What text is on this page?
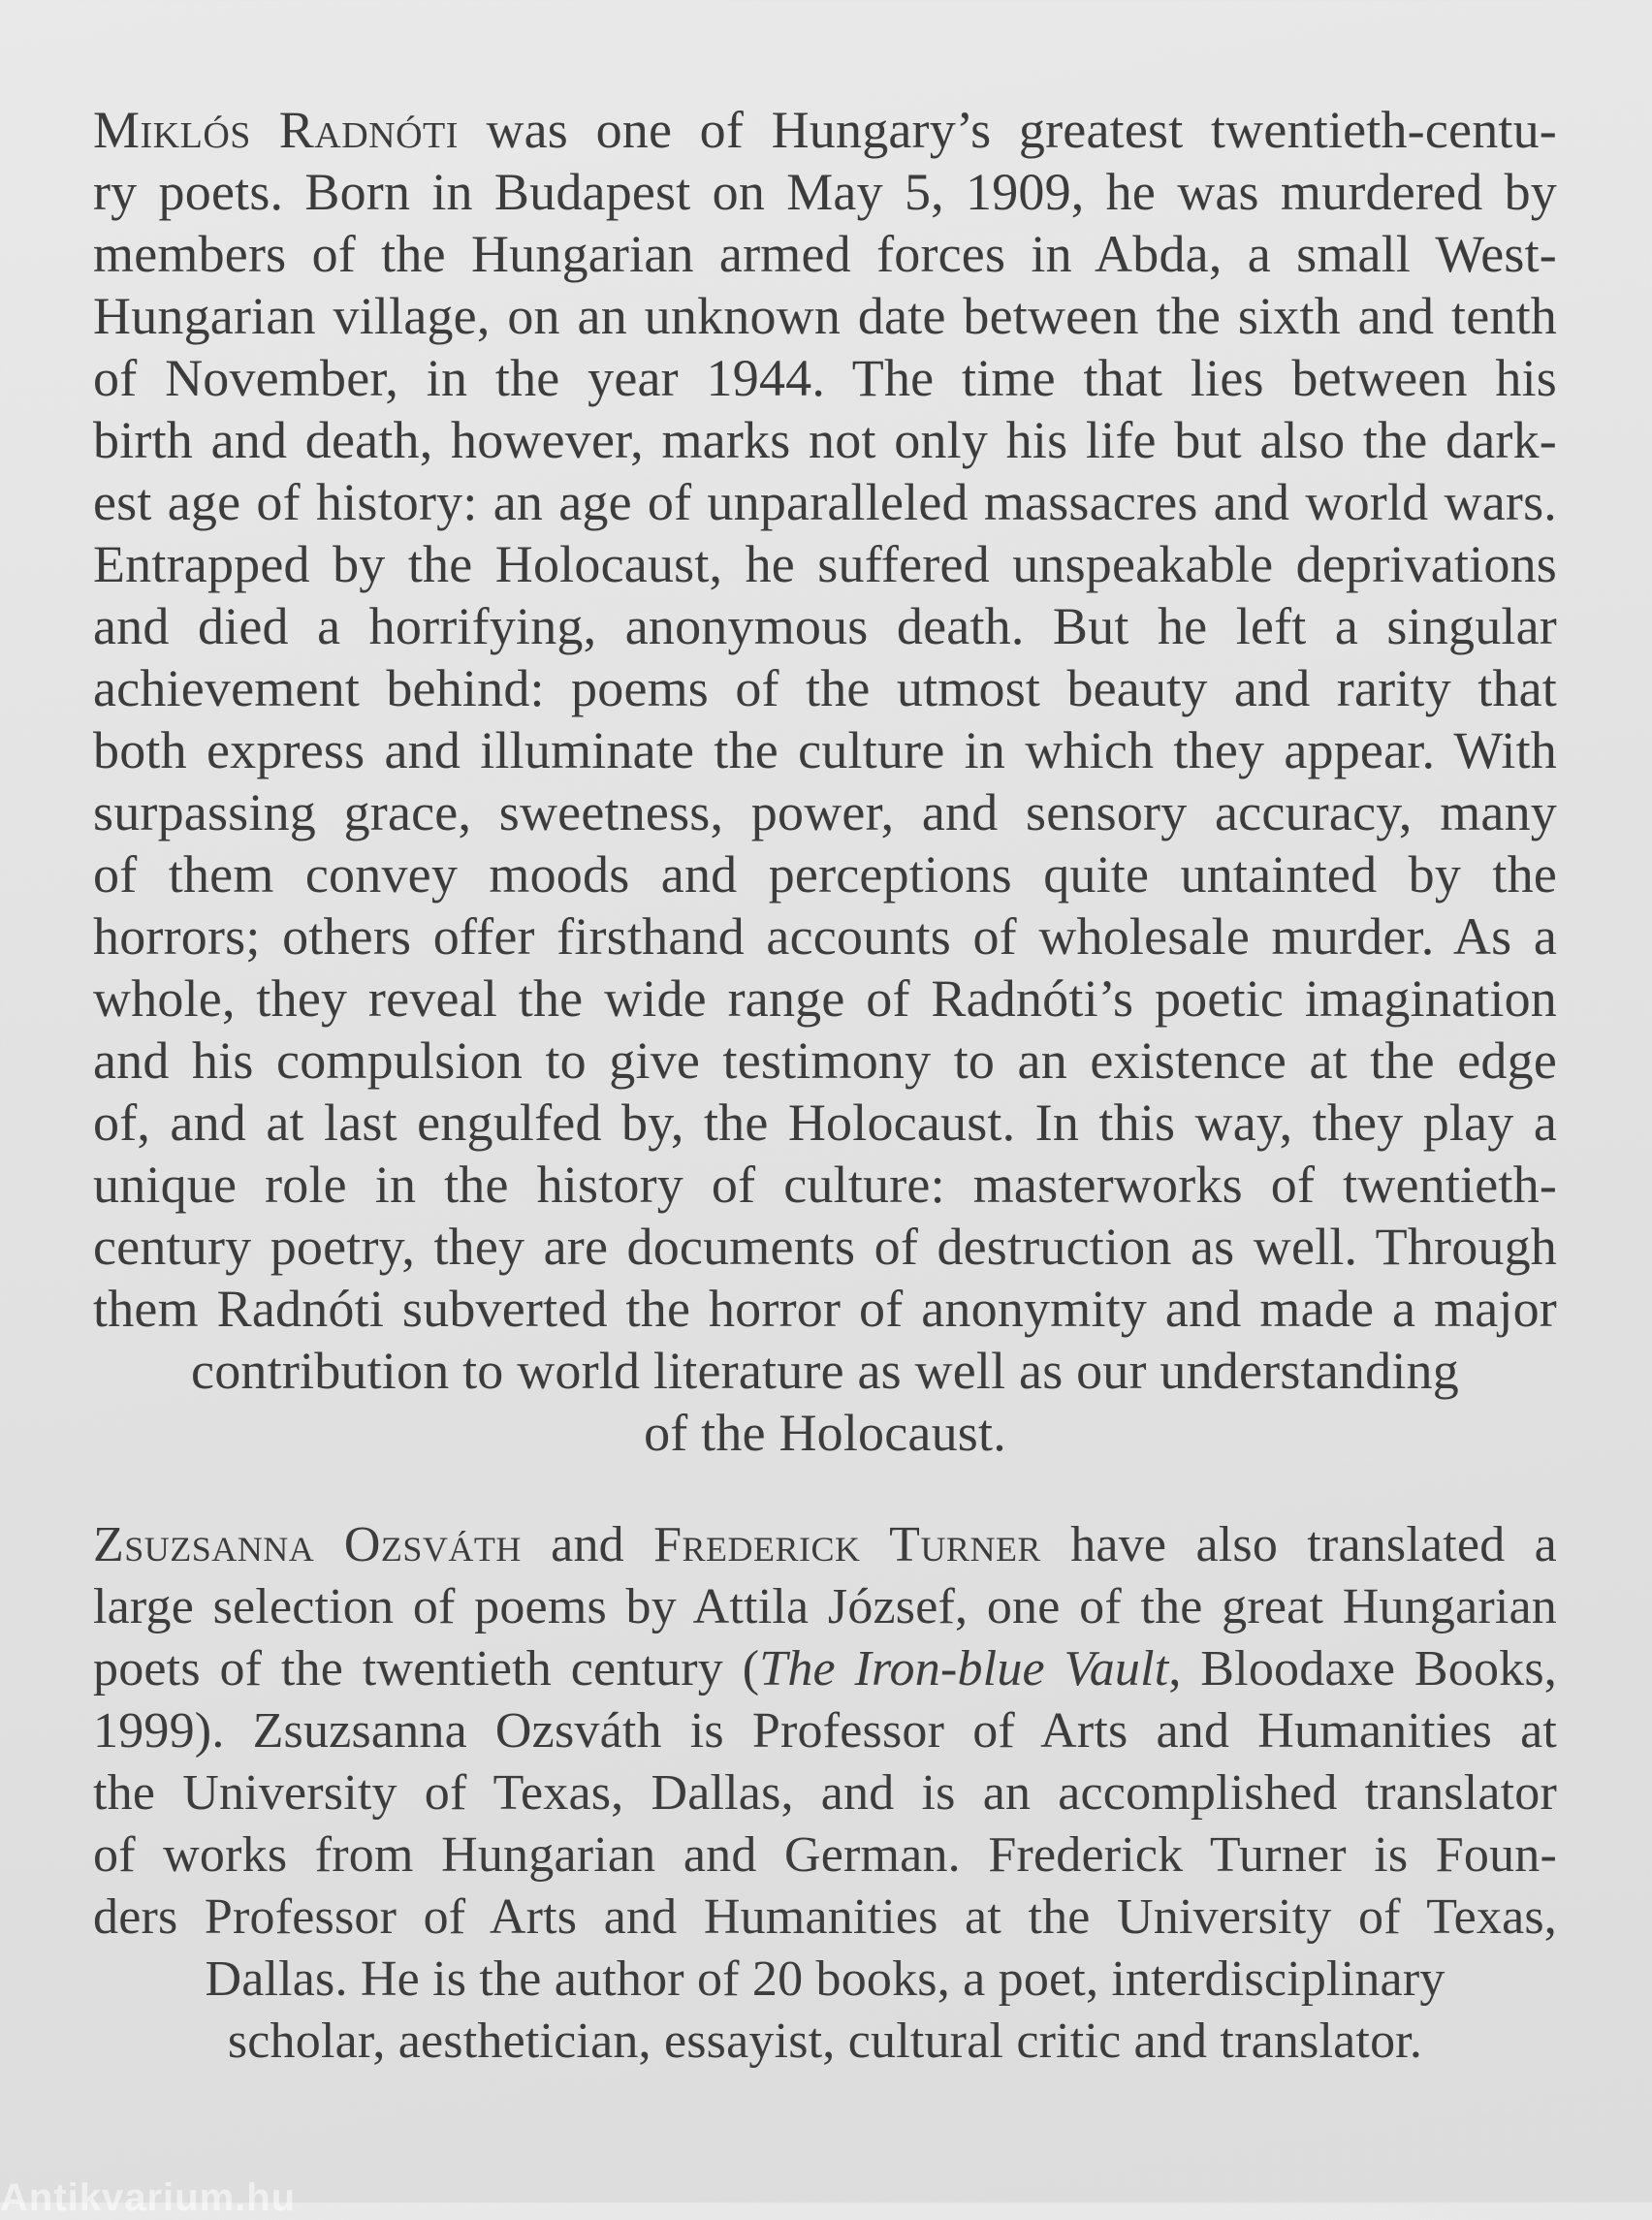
Miklós Radnóti was one of Hungary’s greatest twentieth-centu-
ry poets. Born in Budapest on May 5, 1909, he was murdered by
members of the Hungarian armed forces in Abda, a small West-
Hungarian village, on an unknown date between the sixth and tenth
of November, in the year 1944. The time that lies between his
birth and death, however, marks not only his life but also the dark-
est age of history: an age of unparalleled massacres and world wars.
Entrapped by the Holocaust, he suffered unspeakable deprivations
and died a horrifying, anonymous death. But he left a singular
achievement behind: poems of the utmost beauty and rarity that
both express and illuminate the culture in which they appear. With
surpassing grace, sweetness, power, and sensory accuracy, many
of them convey moods and perceptions quite untainted by the
horrors; others offer firsthand accounts of wholesale murder. As a
whole, they reveal the wide range of Radnóti’s poetic imagination
and his compulsion to give testimony to an existence at the edge
of, and at last engulfed by, the Holocaust. In this way, they play a
unique role in the history of culture: masterworks of twentieth-
century poetry, they are documents of destruction as well. Through
them Radnóti subverted the horror of anonymity and made a major
contribution to world literature as well as our understanding
of the Holocaust.
Zsuzsanna Ozsváth and Frederick Turner have also translated a
large selection of poems by Attila József, one of the great Hungarian
poets of the twentieth century (The Iron-blue Vault, Bloodaxe Books,
1999). Zsuzsanna Ozsváth is Professor of Arts and Humanities at
the University of Texas, Dallas, and is an accomplished translator
of works from Hungarian and German. Frederick Turner is Foun-
ders Professor of Arts and Humanities at the University of Texas,
Dallas. He is the author of 20 books, a poet, interdisciplinary
scholar, aesthetician, essayist, cultural critic and translator.
Antikvarium.hu
